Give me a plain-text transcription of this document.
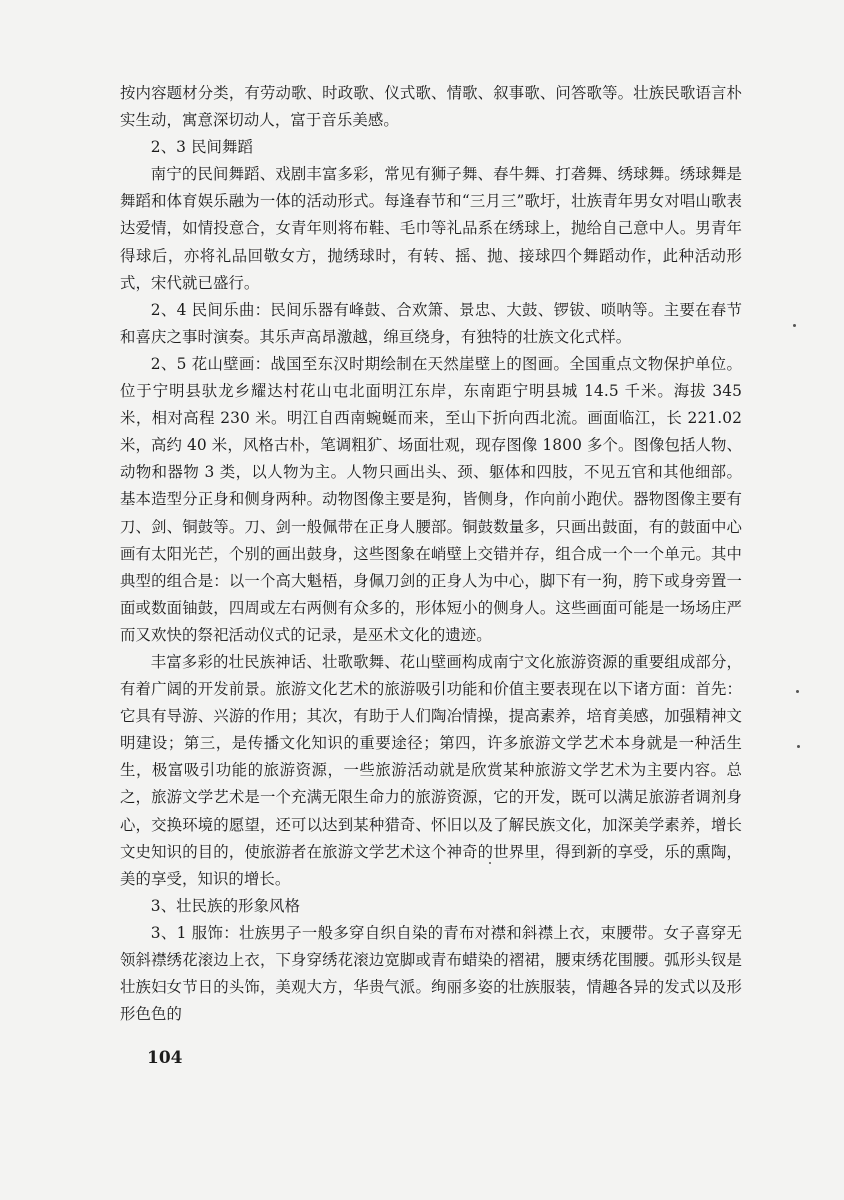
按内容题材分类，有劳动歌、时政歌、仪式歌、情歌、叙事歌、问答歌等。壮族民歌语言朴实生动，寓意深切动人，富于音乐美感。

2、3 民间舞蹈

南宁的民间舞蹈、戏剧丰富多彩，常见有狮子舞、春牛舞、打砻舞、绣球舞。绣球舞是舞蹈和体育娱乐融为一体的活动形式。每逢春节和“三月三”歌圩，壮族青年男女对唱山歌表达爱情，如情投意合，女青年则将布鞋、毛巾等礼品系在绣球上，抛给自己意中人。男青年得球后，亦将礼品回敬女方，抛绣球时，有转、摇、抛、接球四个舞蹈动作，此种活动形式，宋代就已盛行。

2、4 民间乐曲：民间乐器有峰鼓、合欢箫、景忠、大鼓、锣钹、唢呐等。主要在春节和喜庆之事时演奏。其乐声高昂激越，绵亘绕身，有独特的壮族文化式样。

2、5 花山壁画：战国至东汉时期绘制在天然崖壁上的图画。全国重点文物保护单位。位于宁明县驮龙乡耀达村花山屯北面明江东岸，东南距宁明县城 14.5 千米。海拔 345 米，相对高程 230 米。明江自西南蜿蜒而来，至山下折向西北流。画面临江，长 221.02 米，高约 40 米，风格古朴，笔调粗犷、场面壮观，现存图像 1800 多个。图像包括人物、动物和器物 3 类，以人物为主。人物只画出头、颈、躯体和四肢，不见五官和其他细部。基本造型分正身和侧身两种。动物图像主要是狗，皆侧身，作向前小跑伏。器物图像主要有刀、剑、铜鼓等。刀、剑一般佩带在正身人腰部。铜鼓数量多，只画出鼓面，有的鼓面中心画有太阳光芒，个别的画出鼓身，这些图象在峭壁上交错并存，组合成一个一个单元。其中典型的组合是：以一个高大魁梧，身佩刀剑的正身人为中心，脚下有一狗，胯下或身旁置一面或数面铀鼓，四周或左右两侧有众多的，形体短小的侧身人。这些画面可能是一场场庄严而又欢快的祭祀活动仪式的记录，是巫术文化的遗迹。

丰富多彩的壮民族神话、壮歌歌舞、花山壁画构成南宁文化旅游资源的重要组成部分，有着广阔的开发前景。旅游文化艺术的旅游吸引功能和价值主要表现在以下诸方面：首先：它具有导游、兴游的作用；其次，有助于人们陶冶情操，提高素养，培育美感，加强精神文明建设；第三，是传播文化知识的重要途径；第四，许多旅游文学艺术本身就是一种活生生，极富吸引功能的旅游资源，一些旅游活动就是欣赏某种旅游文学艺术为主要内容。总之，旅游文学艺术是一个充满无限生命力的旅游资源，它的开发，既可以满足旅游者调剂身心，交换环境的愿望，还可以达到某种猎奇、怀旧以及了解民族文化，加深美学素养，增长文史知识的目的，使旅游者在旅游文学艺术这个神奇的世界里，得到新的享受，乐的熏陶，美的享受，知识的增长。

3、壮民族的形象风格

3、1 服饰：壮族男子一般多穿自织自染的青布对襟和斜襟上衣，束腰带。女子喜穿无领斜襟绣花滚边上衣，下身穿绣花滚边宽脚或青布蜡染的褶裙，腰束绣花围腰。弧形头钗是壮族妇女节日的头饰，美观大方，华贵气派。绚丽多姿的壮族服装，情趣各异的发式以及形形色色的

104
